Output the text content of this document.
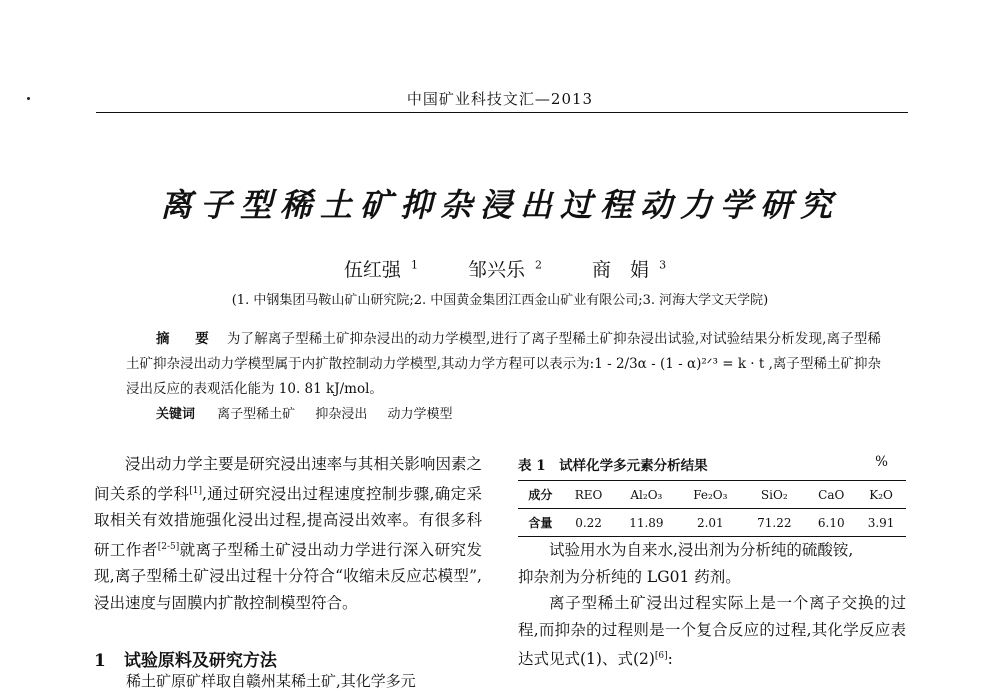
中国矿业科技文汇—2013
离子型稀土矿抑杂浸出过程动力学研究
伍红强 $^1$	邹兴乐 $^2$	商　娟 $^3$
(1. 中钢集团马鞍山矿山研究院;2. 中国黄金集团江西金山矿业有限公司;3. 河海大学文天学院)
摘　要 为了解离子型稀土矿抑杂浸出的动力学模型,进行了离子型稀土矿抑杂浸出试验,对试验结果分析发现,离子型稀土矿抑杂浸出动力学模型属于内扩散控制动力学模型,其动力学方程可以表示为:1 - 2/3α - (1 - α)²ᐟ³ = k · t ,离子型稀土矿抑杂浸出反应的表观活化能为 10. 81 kJ/mol。
关键词 离子型稀土矿 抑杂浸出 动力学模型

浸出动力学主要是研究浸出速率与其相关影响因素之间关系的学科[1],通过研究浸出过程速度控制步骤,确定采取相关有效措施强化浸出过程,提高浸出效率。有很多科研工作者[2-5]就离子型稀土矿浸出动力学进行深入研究发现,离子型稀土矿浸出过程十分符合“收缩未反应芯模型”,浸出速度与固膜内扩散控制模型符合。

1 试验原料及研究方法
稀土矿原矿样取自赣州某稀土矿,其化学多元
表 1　试样化学多元素分析结果	%
成分	REO	Al₂O₃	Fe₂O₃	SiO₂	CaO	K₂O
含量	0.22	11.89	2.01	71.22	6.10	3.91

试验用水为自来水,浸出剂为分析纯的硫酸铵,

抑杂剂为分析纯的 LG01 药剂。

离子型稀土矿浸出过程实际上是一个离子交换的过程,而抑杂的过程则是一个复合反应的过程,其化学反应表达式见式(1)、式(2)[6]:
